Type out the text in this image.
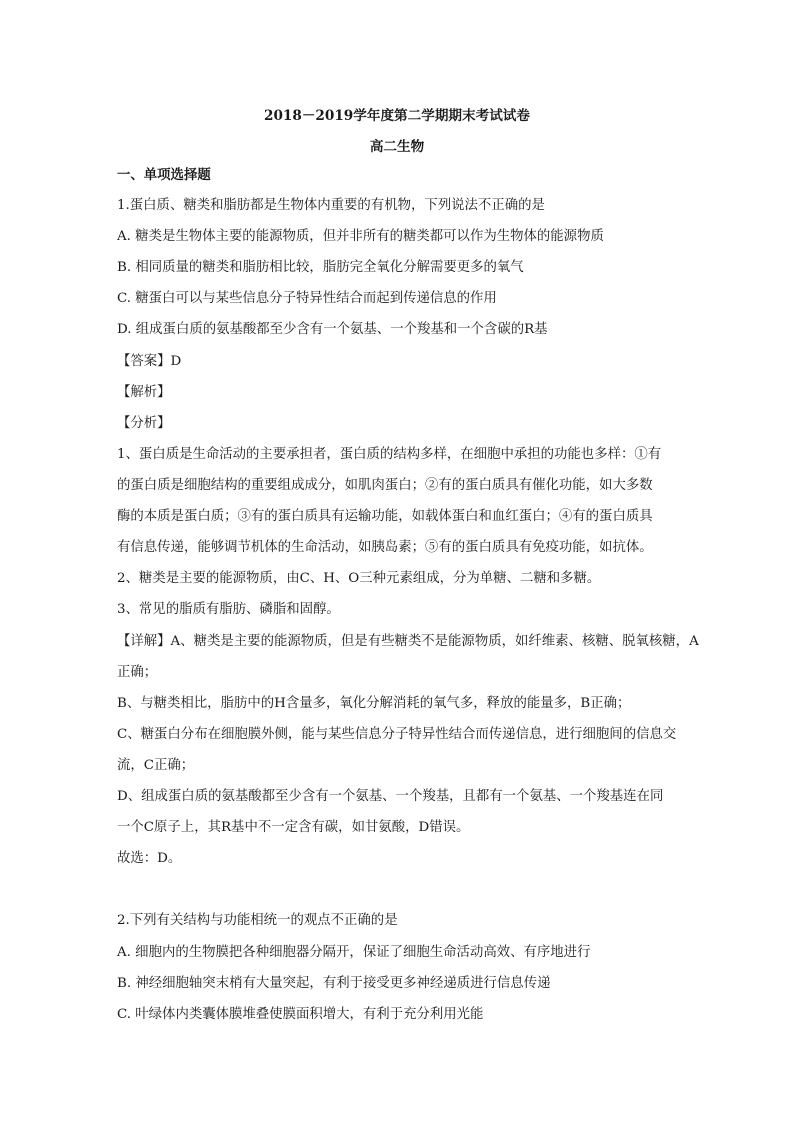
2018－2019学年度第二学期期末考试试卷
高二生物
一、单项选择题
1.蛋白质、糖类和脂肪都是生物体内重要的有机物，下列说法不正确的是
A. 糖类是生物体主要的能源物质，但并非所有的糖类都可以作为生物体的能源物质
B. 相同质量的糖类和脂肪相比较，脂肪完全氧化分解需要更多的氧气
C. 糖蛋白可以与某些信息分子特异性结合而起到传递信息的作用
D. 组成蛋白质的氨基酸都至少含有一个氨基、一个羧基和一个含碳的R基
【答案】D
【解析】
【分析】
1、蛋白质是生命活动的主要承担者，蛋白质的结构多样，在细胞中承担的功能也多样：①有
的蛋白质是细胞结构的重要组成成分，如肌肉蛋白；②有的蛋白质具有催化功能，如大多数
酶的本质是蛋白质；③有的蛋白质具有运输功能，如载体蛋白和血红蛋白；④有的蛋白质具
有信息传递，能够调节机体的生命活动，如胰岛素；⑤有的蛋白质具有免疫功能，如抗体。
2、糖类是主要的能源物质，由C、H、O三种元素组成，分为单糖、二糖和多糖。
3、常见的脂质有脂肪、磷脂和固醇。
【详解】A、糖类是主要的能源物质，但是有些糖类不是能源物质，如纤维素、核糖、脱氧核糖，A
正确；
B、与糖类相比，脂肪中的H含量多，氧化分解消耗的氧气多，释放的能量多，B正确；
C、糖蛋白分布在细胞膜外侧，能与某些信息分子特异性结合而传递信息，进行细胞间的信息交
流，C正确；
D、组成蛋白质的氨基酸都至少含有一个氨基、一个羧基，且都有一个氨基、一个羧基连在同
一个C原子上，其R基中不一定含有碳，如甘氨酸，D错误。
故选：D。
2.下列有关结构与功能相统一的观点不正确的是
A. 细胞内的生物膜把各种细胞器分隔开，保证了细胞生命活动高效、有序地进行
B. 神经细胞轴突末梢有大量突起，有利于接受更多神经递质进行信息传递
C. 叶绿体内类囊体膜堆叠使膜面积增大，有利于充分利用光能
